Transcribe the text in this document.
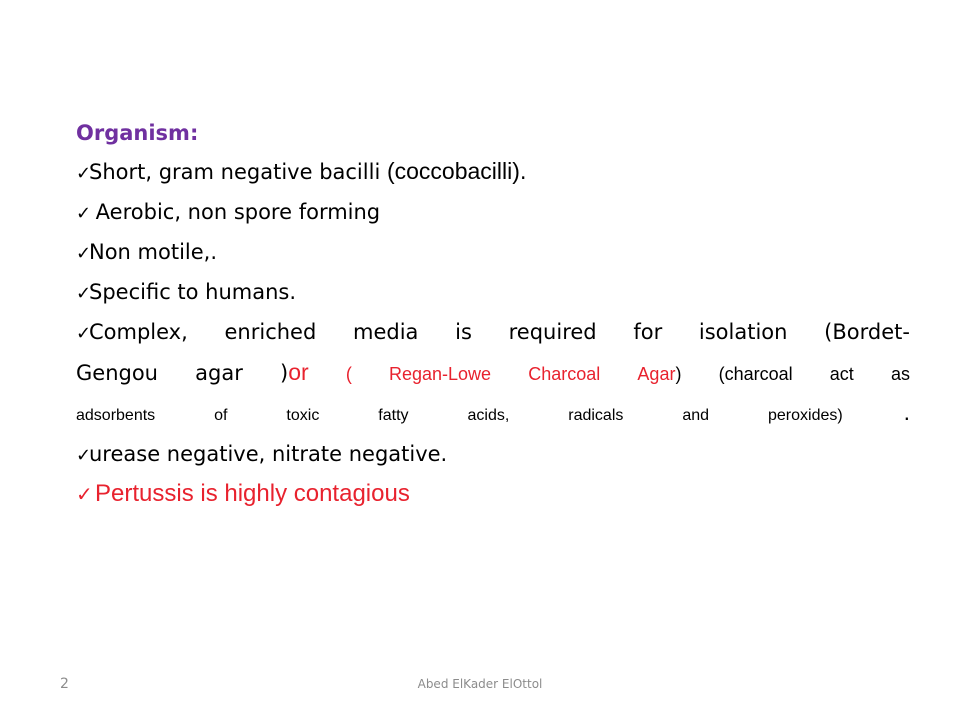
Organism:
✓Short, gram negative bacilli (coccobacilli).
✓ Aerobic, non spore forming
✓Non motile,.
✓Specific to humans.
✓Complex, enriched media is required for isolation (Bordet-
Gengou agar )or ( Regan-Lowe Charcoal Agar) (charcoal act as
adsorbents of toxic fatty acids, radicals and peroxides) .
✓urease negative, nitrate negative.
✓Pertussis is highly contagious
2	Abed ElKader ElOttol
